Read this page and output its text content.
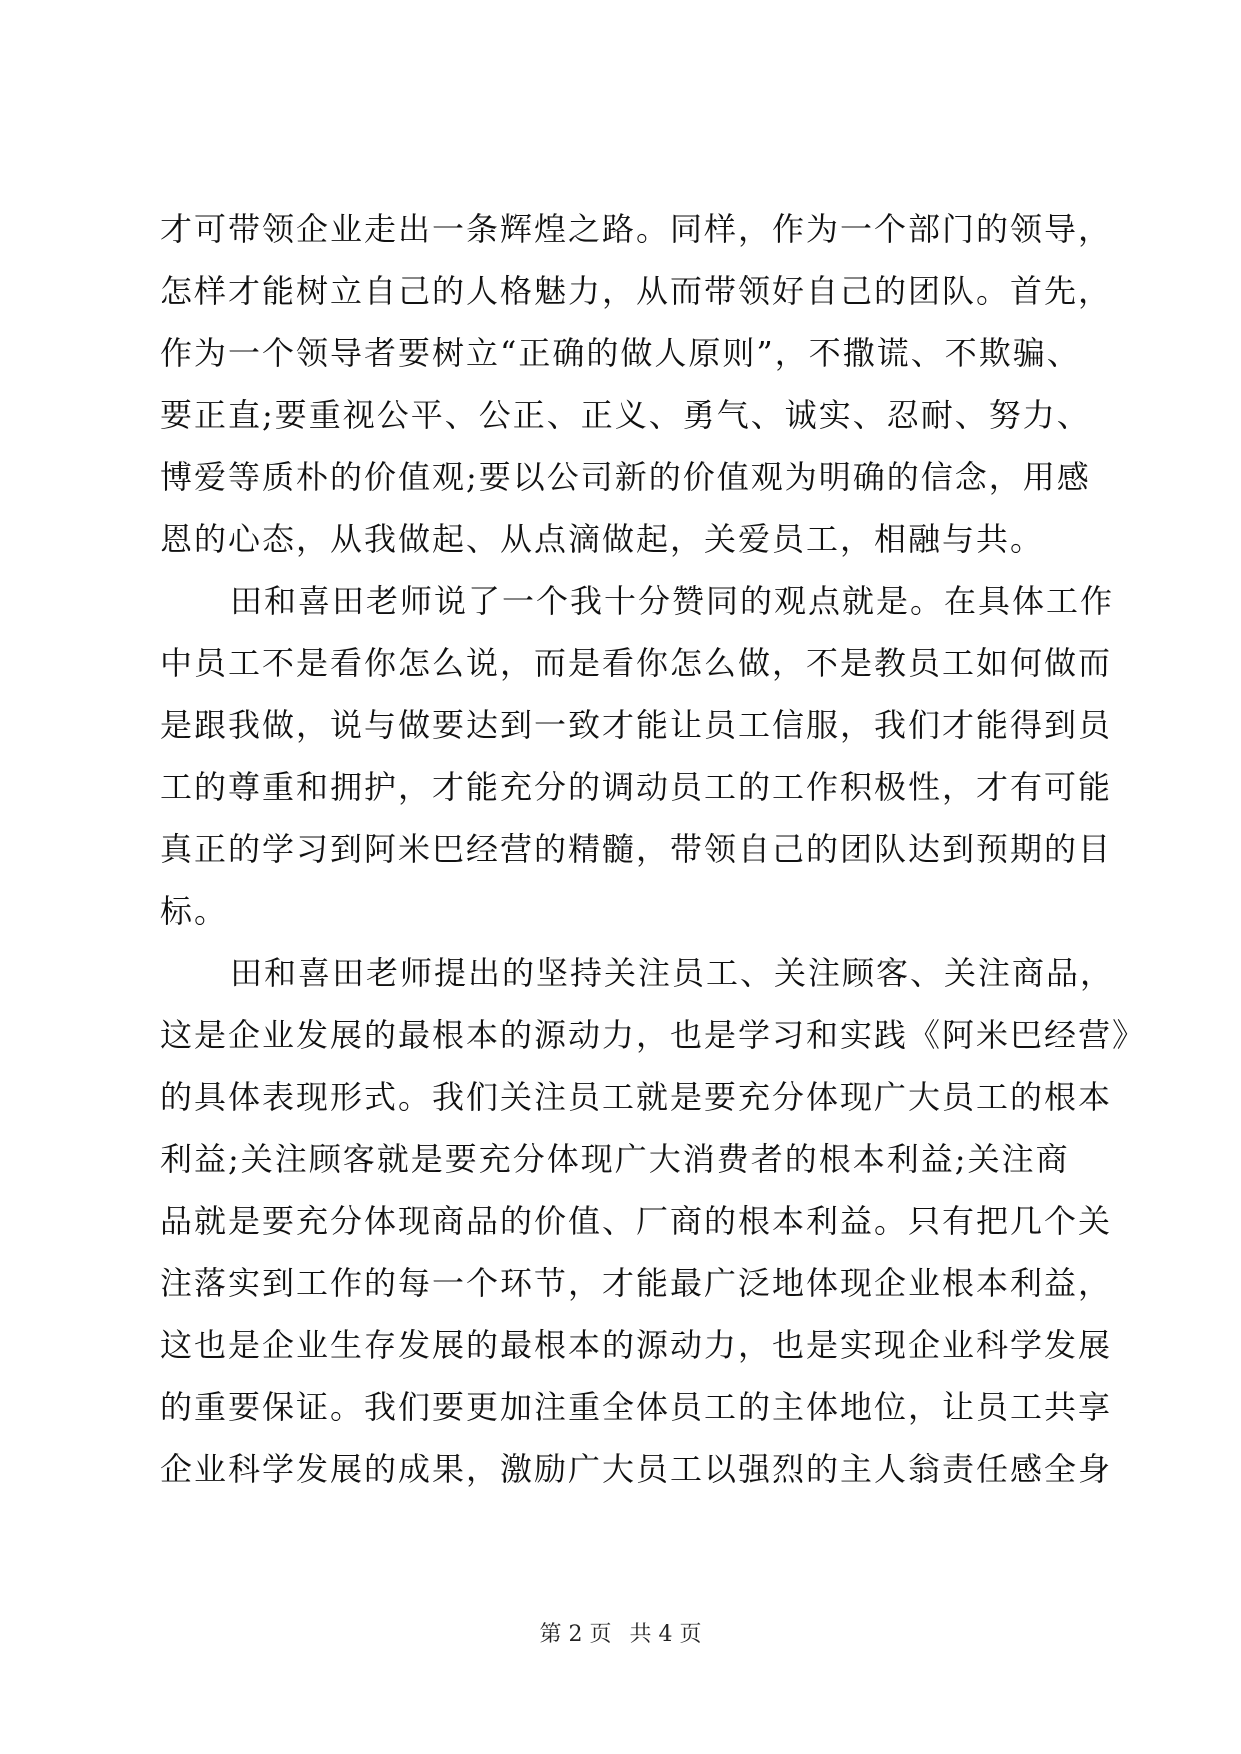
才可带领企业走出一条辉煌之路。同样，作为一个部门的领导，
怎样才能树立自己的人格魅力，从而带领好自己的团队。首先，
作为一个领导者要树立“正确的做人原则”，不撒谎、不欺骗、
要正直;要重视公平、公正、正义、勇气、诚实、忍耐、努力、
博爱等质朴的价值观;要以公司新的价值观为明确的信念，用感
恩的心态，从我做起、从点滴做起，关爱员工，相融与共。
田和喜田老师说了一个我十分赞同的观点就是。在具体工作
中员工不是看你怎么说，而是看你怎么做，不是教员工如何做而
是跟我做，说与做要达到一致才能让员工信服，我们才能得到员
工的尊重和拥护，才能充分的调动员工的工作积极性，才有可能
真正的学习到阿米巴经营的精髓，带领自己的团队达到预期的目
标。
田和喜田老师提出的坚持关注员工、关注顾客、关注商品，
这是企业发展的最根本的源动力，也是学习和实践《阿米巴经营》
的具体表现形式。我们关注员工就是要充分体现广大员工的根本
利益;关注顾客就是要充分体现广大消费者的根本利益;关注商
品就是要充分体现商品的价值、厂商的根本利益。只有把几个关
注落实到工作的每一个环节，才能最广泛地体现企业根本利益，
这也是企业生存发展的最根本的源动力，也是实现企业科学发展
的重要保证。我们要更加注重全体员工的主体地位，让员工共享
企业科学发展的成果，激励广大员工以强烈的主人翁责任感全身
第 2 页 共 4 页
